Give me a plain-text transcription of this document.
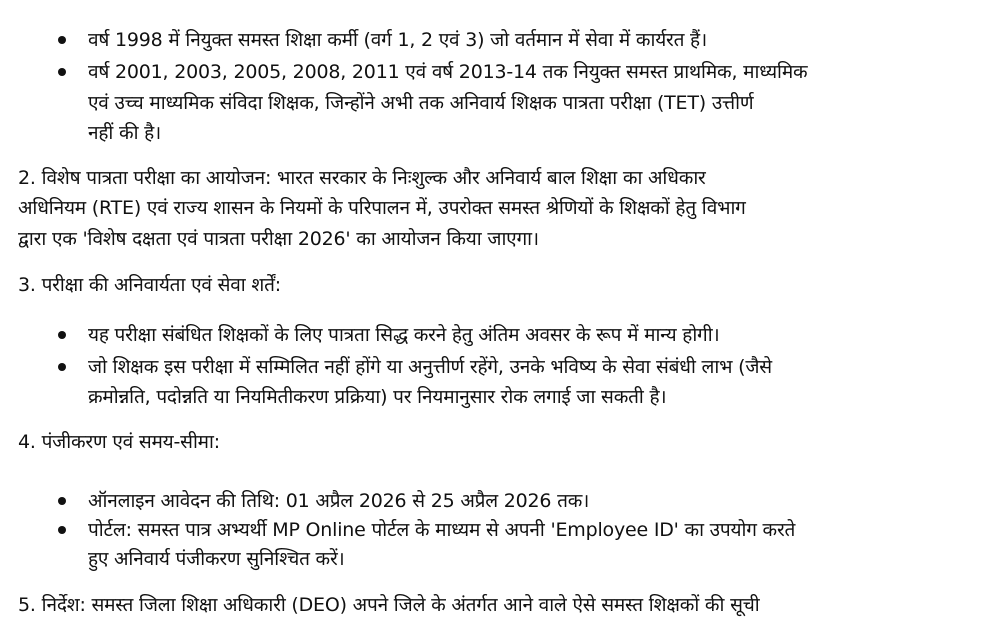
वर्ष 1998 में नियुक्त समस्त शिक्षा कर्मी (वर्ग 1, 2 एवं 3) जो वर्तमान में सेवा में कार्यरत हैं।
वर्ष 2001, 2003, 2005, 2008, 2011 एवं वर्ष 2013-14 तक नियुक्त समस्त प्राथमिक, माध्यमिक
एवं उच्च माध्यमिक संविदा शिक्षक, जिन्होंने अभी तक अनिवार्य शिक्षक पात्रता परीक्षा (TET) उत्तीर्ण
नहीं की है।
2. विशेष पात्रता परीक्षा का आयोजन: भारत सरकार के निःशुल्क और अनिवार्य बाल शिक्षा का अधिकार
अधिनियम (RTE) एवं राज्य शासन के नियमों के परिपालन में, उपरोक्त समस्त श्रेणियों के शिक्षकों हेतु विभाग
द्वारा एक 'विशेष दक्षता एवं पात्रता परीक्षा 2026' का आयोजन किया जाएगा।
3. परीक्षा की अनिवार्यता एवं सेवा शर्तें:
यह परीक्षा संबंधित शिक्षकों के लिए पात्रता सिद्ध करने हेतु अंतिम अवसर के रूप में मान्य होगी।
जो शिक्षक इस परीक्षा में सम्मिलित नहीं होंगे या अनुत्तीर्ण रहेंगे, उनके भविष्य के सेवा संबंधी लाभ (जैसे
क्रमोन्नति, पदोन्नति या नियमितीकरण प्रक्रिया) पर नियमानुसार रोक लगाई जा सकती है।
4. पंजीकरण एवं समय-सीमा:
ऑनलाइन आवेदन की तिथि: 01 अप्रैल 2026 से 25 अप्रैल 2026 तक।
पोर्टल: समस्त पात्र अभ्यर्थी MP Online पोर्टल के माध्यम से अपनी 'Employee ID' का उपयोग करते
हुए अनिवार्य पंजीकरण सुनिश्चित करें।
5. निर्देश: समस्त जिला शिक्षा अधिकारी (DEO) अपने जिले के अंतर्गत आने वाले ऐसे समस्त शिक्षकों की सूची
